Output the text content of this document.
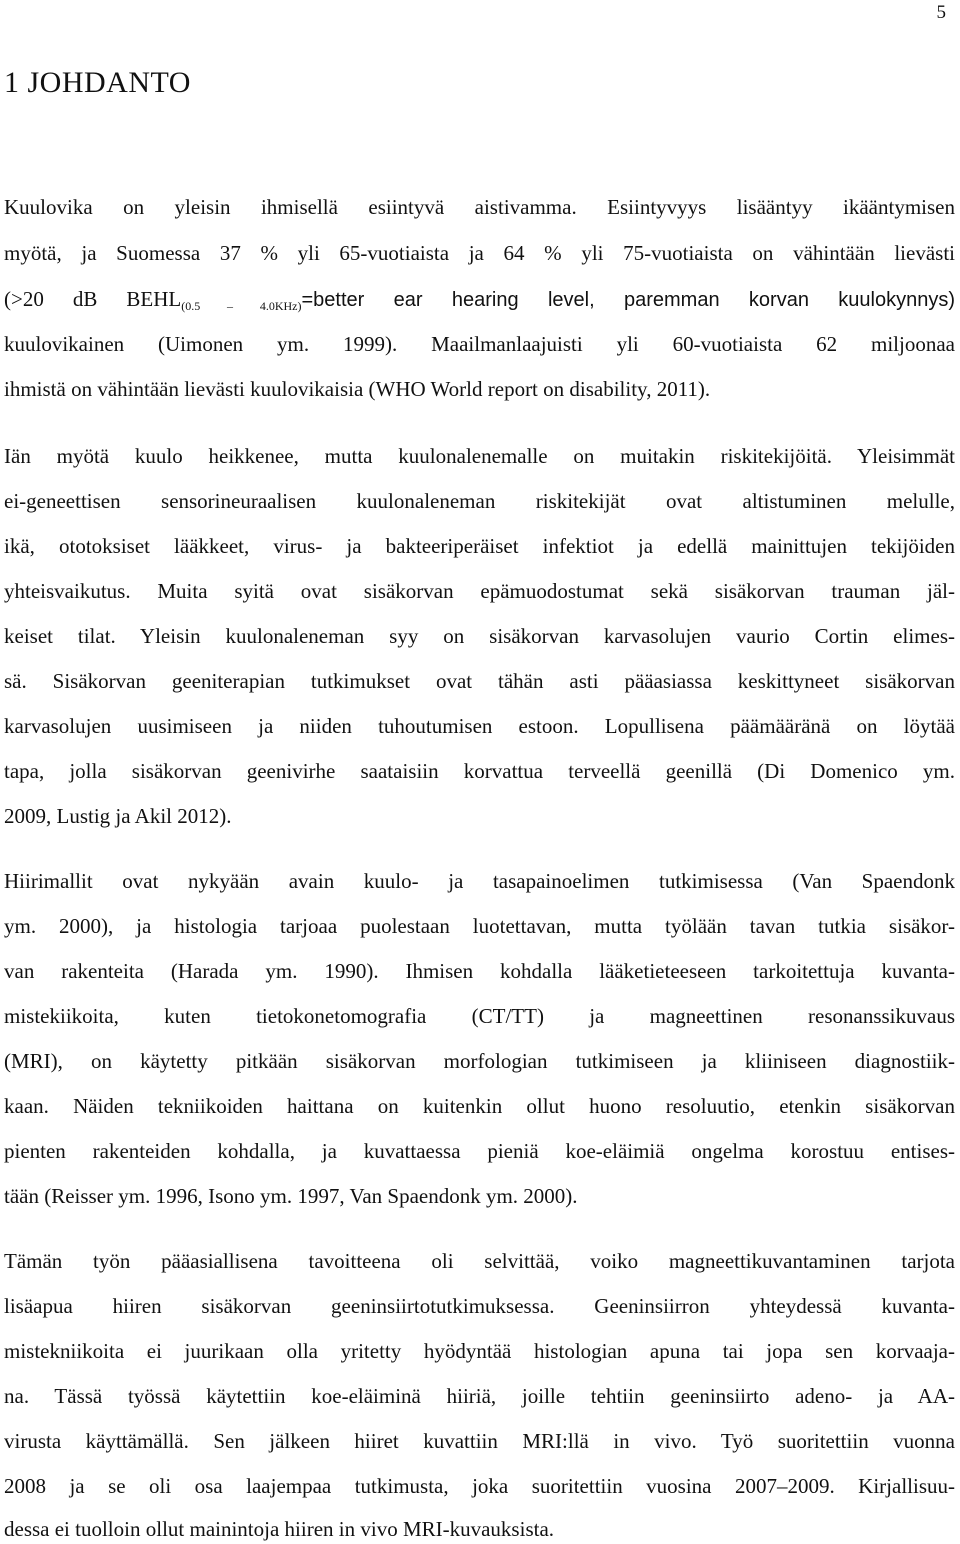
5
1 JOHDANTO
Kuulovika on yleisin ihmisellä esiintyvä aistivamma. Esiintyvyys lisääntyy ikääntymisen
myötä, ja Suomessa 37 % yli 65-vuotiaista ja 64 % yli 75-vuotiaista on vähintään lievästi
(>20 dB $BEHL_{(0.5 - 4.0KHz)}=better$ ear hearing level, paremman korvan kuulokynnys)
kuulovikainen (Uimonen ym. 1999). Maailmanlaajuisti yli 60-vuotiaista 62 miljoonaa
ihmistä on vähintään lievästi kuulovikaisia (WHO World report on disability, 2011).
Iän myötä kuulo heikkenee, mutta kuulonalenemalle on muitakin riskitekijöitä. Yleisimmät
ei-geneettisen sensorineuraalisen kuulonaleneman riskitekijät ovat altistuminen melulle,
ikä, ototoksiset lääkkeet, virus- ja bakteeriperäiset infektiot ja edellä mainittujen tekijöiden
yhteisvaikutus. Muita syitä ovat sisäkorvan epämuodostumat sekä sisäkorvan trauman jäl-
keiset tilat. Yleisin kuulonaleneman syy on sisäkorvan karvasolujen vaurio Cortin elimes-
sä. Sisäkorvan geeniterapian tutkimukset ovat tähän asti pääasiassa keskittyneet sisäkorvan
karvasolujen uusimiseen ja niiden tuhoutumisen estoon. Lopullisena päämääränä on löytää
tapa, jolla sisäkorvan geenivirhe saataisiin korvattua terveellä geenillä (Di Domenico ym.
2009, Lustig ja Akil 2012).
Hiirimallit ovat nykyään avain kuulo- ja tasapainoelimen tutkimisessa (Van Spaendonk
ym. 2000), ja histologia tarjoaa puolestaan luotettavan, mutta työlään tavan tutkia sisäkor-
van rakenteita (Harada ym. 1990). Ihmisen kohdalla lääketieteeseen tarkoitettuja kuvanta-
mistekiikoita, kuten tietokonetomografia (CT/TT) ja magneettinen resonanssikuvaus
(MRI), on käytetty pitkään sisäkorvan morfologian tutkimiseen ja kliiniseen diagnostiik-
kaan. Näiden tekniikoiden haittana on kuitenkin ollut huono resoluutio, etenkin sisäkorvan
pienten rakenteiden kohdalla, ja kuvattaessa pieniä koe-eläimiä ongelma korostuu entises-
tään (Reisser ym. 1996, Isono ym. 1997, Van Spaendonk ym. 2000).
Tämän työn pääasiallisena tavoitteena oli selvittää, voiko magneettikuvantaminen tarjota
lisäapua hiiren sisäkorvan geeninsiirtotutkimuksessa. Geeninsiirron yhteydessä kuvanta-
mistekniikoita ei juurikaan olla yritetty hyödyntää histologian apuna tai jopa sen korvaaja-
na. Tässä työssä käytettiin koe-eläiminä hiiriä, joille tehtiin geeninsiirto adeno- ja AA-
virusta käyttämällä. Sen jälkeen hiiret kuvattiin MRI:llä in vivo. Työ suoritettiin vuonna
2008 ja se oli osa laajempaa tutkimusta, joka suoritettiin vuosina 2007–2009. Kirjallisuu-
dessa ei tuolloin ollut mainintoja hiiren in vivo MRI-kuvauksista.
